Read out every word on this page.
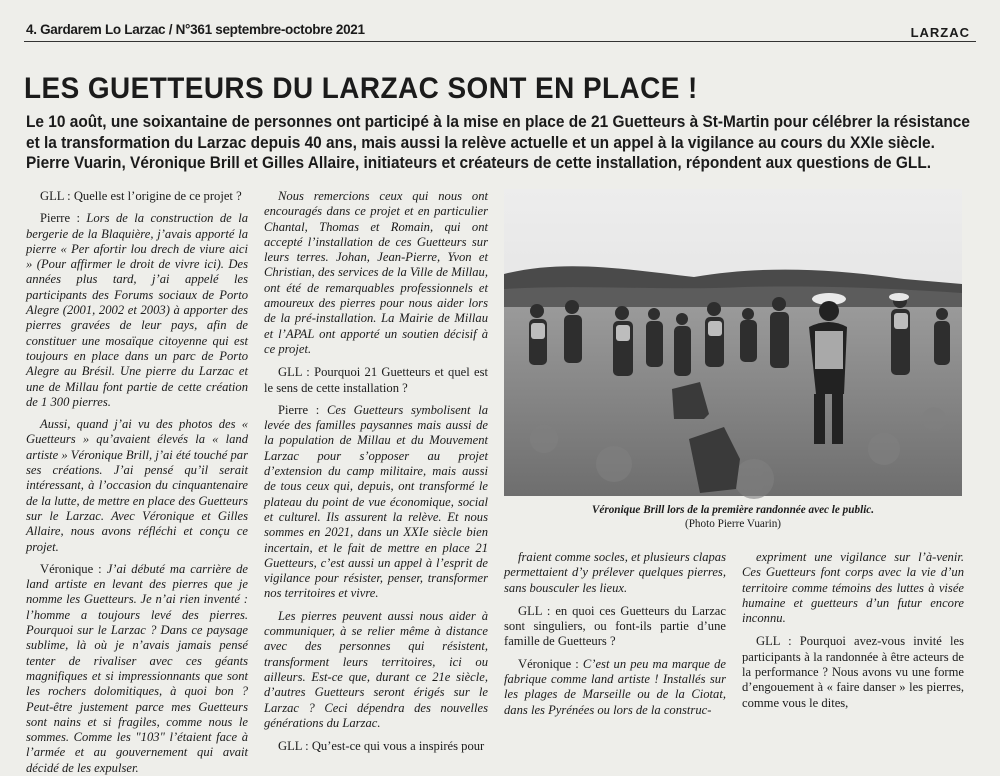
4. Gardarem Lo Larzac / N°361 septembre-octobre 2021	LARZAC
LES GUETTEURS DU LARZAC SONT EN PLACE !
Le 10 août, une soixantaine de personnes ont participé à la mise en place de 21 Guetteurs à St-Martin pour célébrer la résistance et la transformation du Larzac depuis 40 ans, mais aussi la relève actuelle et un appel à la vigilance au cours du XXIe siècle. Pierre Vuarin, Véronique Brill et Gilles Allaire, initiateurs et créateurs de cette installation, répondent aux questions de GLL.

GLL : Quelle est l’origine de ce projet ?

Pierre : Lors de la construction de la bergerie de la Blaquière, j’avais apporté la pierre « Per afortir lou drech de viure aici » (Pour affirmer le droit de vivre ici). Des années plus tard, j’ai appelé les participants des Forums sociaux de Porto Alegre (2001, 2002 et 2003) à apporter des pierres gravées de leur pays, afin de constituer une mosaïque citoyenne qui est toujours en place dans un parc de Porto Alegre au Brésil. Une pierre du Larzac et une de Millau font partie de cette création de 1 300 pierres.

Aussi, quand j’ai vu des photos des « Guetteurs » qu’avaient élevés la « land artiste » Véronique Brill, j’ai été touché par ses créations. J’ai pensé qu’il serait intéressant, à l’occasion du cinquantenaire de la lutte, de mettre en place des Guetteurs sur le Larzac. Avec Véronique et Gilles Allaire, nous avons réfléchi et conçu ce projet.

Véronique : J’ai débuté ma carrière de land artiste en levant des pierres que je nomme les Guetteurs. Je n’ai rien inventé : l’homme a toujours levé des pierres. Pourquoi sur le Larzac ? Dans ce paysage sublime, là où je n’avais jamais pensé tenter de rivaliser avec ces géants magnifiques et si impressionnants que sont les rochers dolomitiques, à quoi bon ? Peut-être justement parce mes Guetteurs sont nains et si fragiles, comme nous le sommes. Comme les "103" l’étaient face à l’armée et au gouvernement qui avait décidé de les expulser.

Nous remercions ceux qui nous ont encouragés dans ce projet et en particulier Chantal, Thomas et Romain, qui ont accepté l’installation de ces Guetteurs sur leurs terres. Johan, Jean-Pierre, Yvon et Christian, des services de la Ville de Millau, ont été de remarquables professionnels et amoureux des pierres pour nous aider lors de la pré-installation. La Mairie de Millau et l’APAL ont apporté un soutien décisif à ce projet.

GLL : Pourquoi 21 Guetteurs et quel est le sens de cette installation ?

Pierre : Ces Guetteurs symbolisent la levée des familles paysannes mais aussi de la population de Millau et du Mouvement Larzac pour s’opposer au projet d’extension du camp militaire, mais aussi de tous ceux qui, depuis, ont transformé le plateau du point de vue économique, social et culturel. Ils assurent la relève. Et nous sommes en 2021, dans un XXIe siècle bien incertain, et le fait de mettre en place 21 Guetteurs, c’est aussi un appel à l’esprit de vigilance pour résister, penser, transformer nos territoires et vivre.

Les pierres peuvent aussi nous aider à communiquer, à se relier même à distance avec des personnes qui résistent, transforment leurs territoires, ici ou ailleurs. Est-ce que, durant ce 21e siècle, d’autres Guetteurs seront érigés sur le Larzac ? Ceci dépendra des nouvelles générations du Larzac.

GLL : Qu’est-ce qui vous a inspirés pour

Véronique Brill lors de la première randonnée avec le public.
(Photo Pierre Vuarin)

fraient comme socles, et plusieurs clapas permettaient d’y prélever quelques pierres, sans bousculer les lieux.

GLL : en quoi ces Guetteurs du Larzac sont singuliers, ou font-ils partie d’une famille de Guetteurs ?

Véronique : C’est un peu ma marque de fabrique comme land artiste ! Installés sur les plages de Marseille ou de la Ciotat, dans les Pyrénées ou lors de la construc-

expriment une vigilance sur l’à-venir. Ces Guetteurs font corps avec la vie d’un territoire comme témoins des luttes à visée humaine et guetteurs d’un futur encore inconnu.

GLL : Pourquoi avez-vous invité les participants à la randonnée à être acteurs de la performance ? Nous avons vu une forme d’engouement à « faire danser » les pierres, comme vous le dites,
